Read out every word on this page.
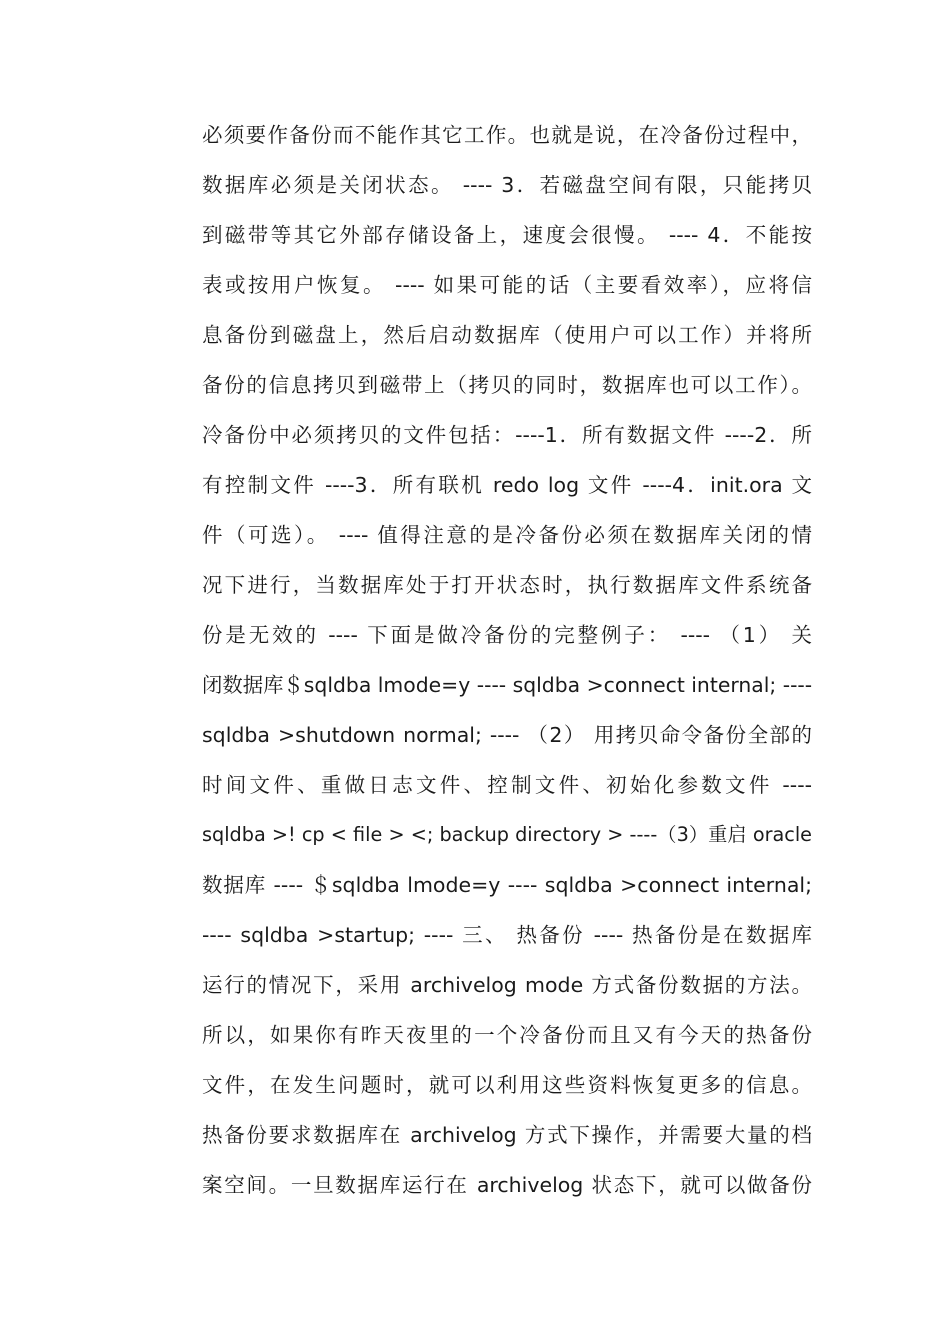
必须要作备份而不能作其它工作。也就是说，在冷备份过程中，
数据库必须是关闭状态。 ---- 3．若磁盘空间有限，只能拷贝
到磁带等其它外部存储设备上，速度会很慢。 ---- 4．不能按
表或按用户恢复。 ---- 如果可能的话（主要看效率），应将信
息备份到磁盘上，然后启动数据库（使用户可以工作）并将所
备份的信息拷贝到磁带上（拷贝的同时，数据库也可以工作）。
冷备份中必须拷贝的文件包括：----1．所有数据文件 ----2．所
有控制文件 ----3．所有联机 redo log 文件 ----4．init.ora 文
件（可选）。 ---- 值得注意的是冷备份必须在数据库关闭的情
况下进行，当数据库处于打开状态时，执行数据库文件系统备
份是无效的 ---- 下面是做冷备份的完整例子： ---- （1） 关
闭数据库＄sqldba lmode=y ---- sqldba >connect internal; ----
sqldba >shutdown normal; ---- （2） 用拷贝命令备份全部的
时间文件、重做日志文件、控制文件、初始化参数文件 ----
sqldba >! cp < file > <; backup directory > ----（3）重启 oracle
数据库 ---- ＄sqldba lmode=y ---- sqldba >connect internal;
---- sqldba >startup; ---- 三、 热备份 ---- 热备份是在数据库
运行的情况下，采用 archivelog mode 方式备份数据的方法。
所以，如果你有昨天夜里的一个冷备份而且又有今天的热备份
文件，在发生问题时，就可以利用这些资料恢复更多的信息。
热备份要求数据库在 archivelog 方式下操作，并需要大量的档
案空间。一旦数据库运行在 archivelog 状态下，就可以做备份
